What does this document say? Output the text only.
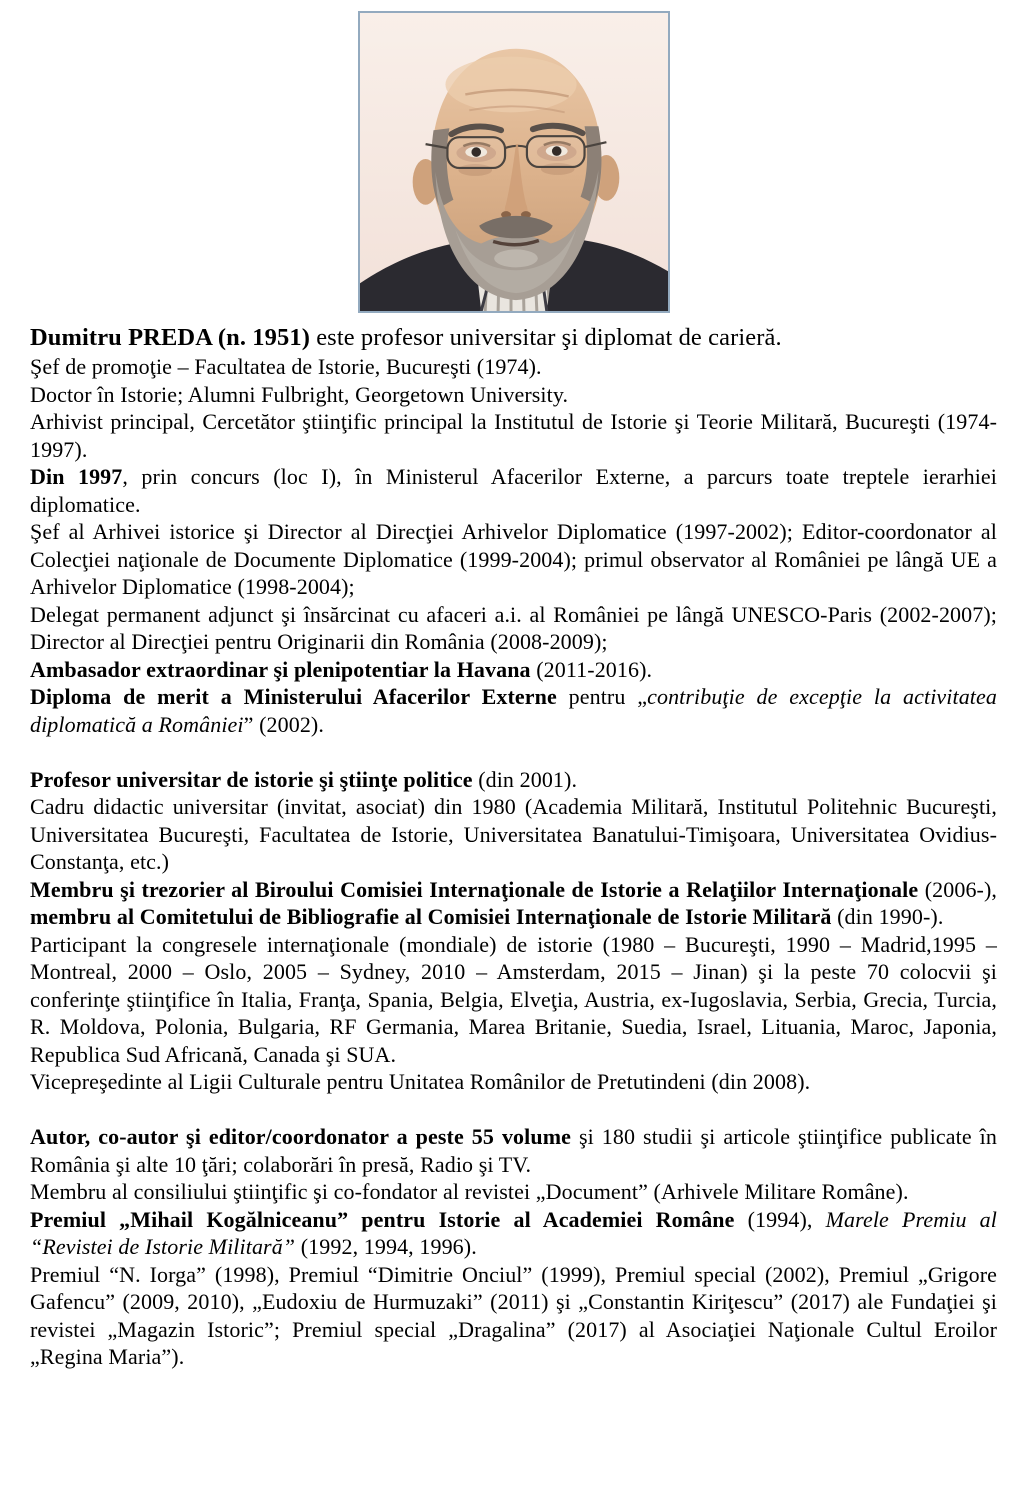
Dumitru PREDA (n. 1951) este profesor universitar şi diplomat de carieră.

Şef de promoţie – Facultatea de Istorie, Bucureşti (1974).

Doctor în Istorie; Alumni Fulbright, Georgetown University.

Arhivist principal, Cercetător ştiinţific principal la Institutul de Istorie şi Teorie Militară, Bucureşti (1974-1997).

Din 1997, prin concurs (loc I), în Ministerul Afacerilor Externe, a parcurs toate treptele ierarhiei diplomatice.

Şef al Arhivei istorice şi Director al Direcţiei Arhivelor Diplomatice (1997-2002); Editor-coordonator al Colecţiei naţionale de Documente Diplomatice (1999-2004); primul observator al României pe lângă UE a Arhivelor Diplomatice (1998-2004);

Delegat permanent adjunct şi însărcinat cu afaceri a.i. al României pe lângă UNESCO-Paris (2002-2007); Director al Direcţiei pentru Originarii din România (2008-2009);

Ambasador extraordinar şi plenipotentiar la Havana (2011-2016).

Diploma de merit a Ministerului Afacerilor Externe pentru „contribuţie de excepţie la activitatea diplomatică a României” (2002).

Profesor universitar de istorie şi ştiinţe politice (din 2001).

Cadru didactic universitar (invitat, asociat) din 1980 (Academia Militară, Institutul Politehnic Bucureşti, Universitatea Bucureşti, Facultatea de Istorie, Universitatea Banatului-Timişoara, Universitatea Ovidius-Constanţa, etc.)

Membru şi trezorier al Biroului Comisiei Internaţionale de Istorie a Relaţiilor Internaţionale (2006-), membru al Comitetului de Bibliografie al Comisiei Internaţionale de Istorie Militară (din 1990-).

Participant la congresele internaţionale (mondiale) de istorie (1980 – Bucureşti, 1990 – Madrid,1995 – Montreal, 2000 – Oslo, 2005 – Sydney, 2010 – Amsterdam, 2015 – Jinan) şi la peste 70 colocvii şi conferinţe ştiinţifice în Italia, Franţa, Spania, Belgia, Elveţia, Austria, ex-Iugoslavia, Serbia, Grecia, Turcia, R. Moldova, Polonia, Bulgaria, RF Germania, Marea Britanie, Suedia, Israel, Lituania, Maroc, Japonia, Republica Sud Africană, Canada şi SUA.

Vicepreşedinte al Ligii Culturale pentru Unitatea Românilor de Pretutindeni (din 2008).

Autor, co-autor şi editor/coordonator a peste 55 volume şi 180 studii şi articole ştiinţifice publicate în România şi alte 10 ţări; colaborări în presă, Radio şi TV.

Membru al consiliului ştiinţific şi co-fondator al revistei „Document” (Arhivele Militare Române).

Premiul „Mihail Kogălniceanu” pentru Istorie al Academiei Române (1994), Marele Premiu al “Revistei de Istorie Militară” (1992, 1994, 1996).

Premiul “N. Iorga” (1998), Premiul “Dimitrie Onciul” (1999), Premiul special (2002), Premiul „Grigore Gafencu” (2009, 2010), „Eudoxiu de Hurmuzaki” (2011) şi „Constantin Kiriţescu” (2017) ale Fundaţiei şi revistei „Magazin Istoric”; Premiul special „Dragalina” (2017) al Asociaţiei Naţionale Cultul Eroilor „Regina Maria”).
